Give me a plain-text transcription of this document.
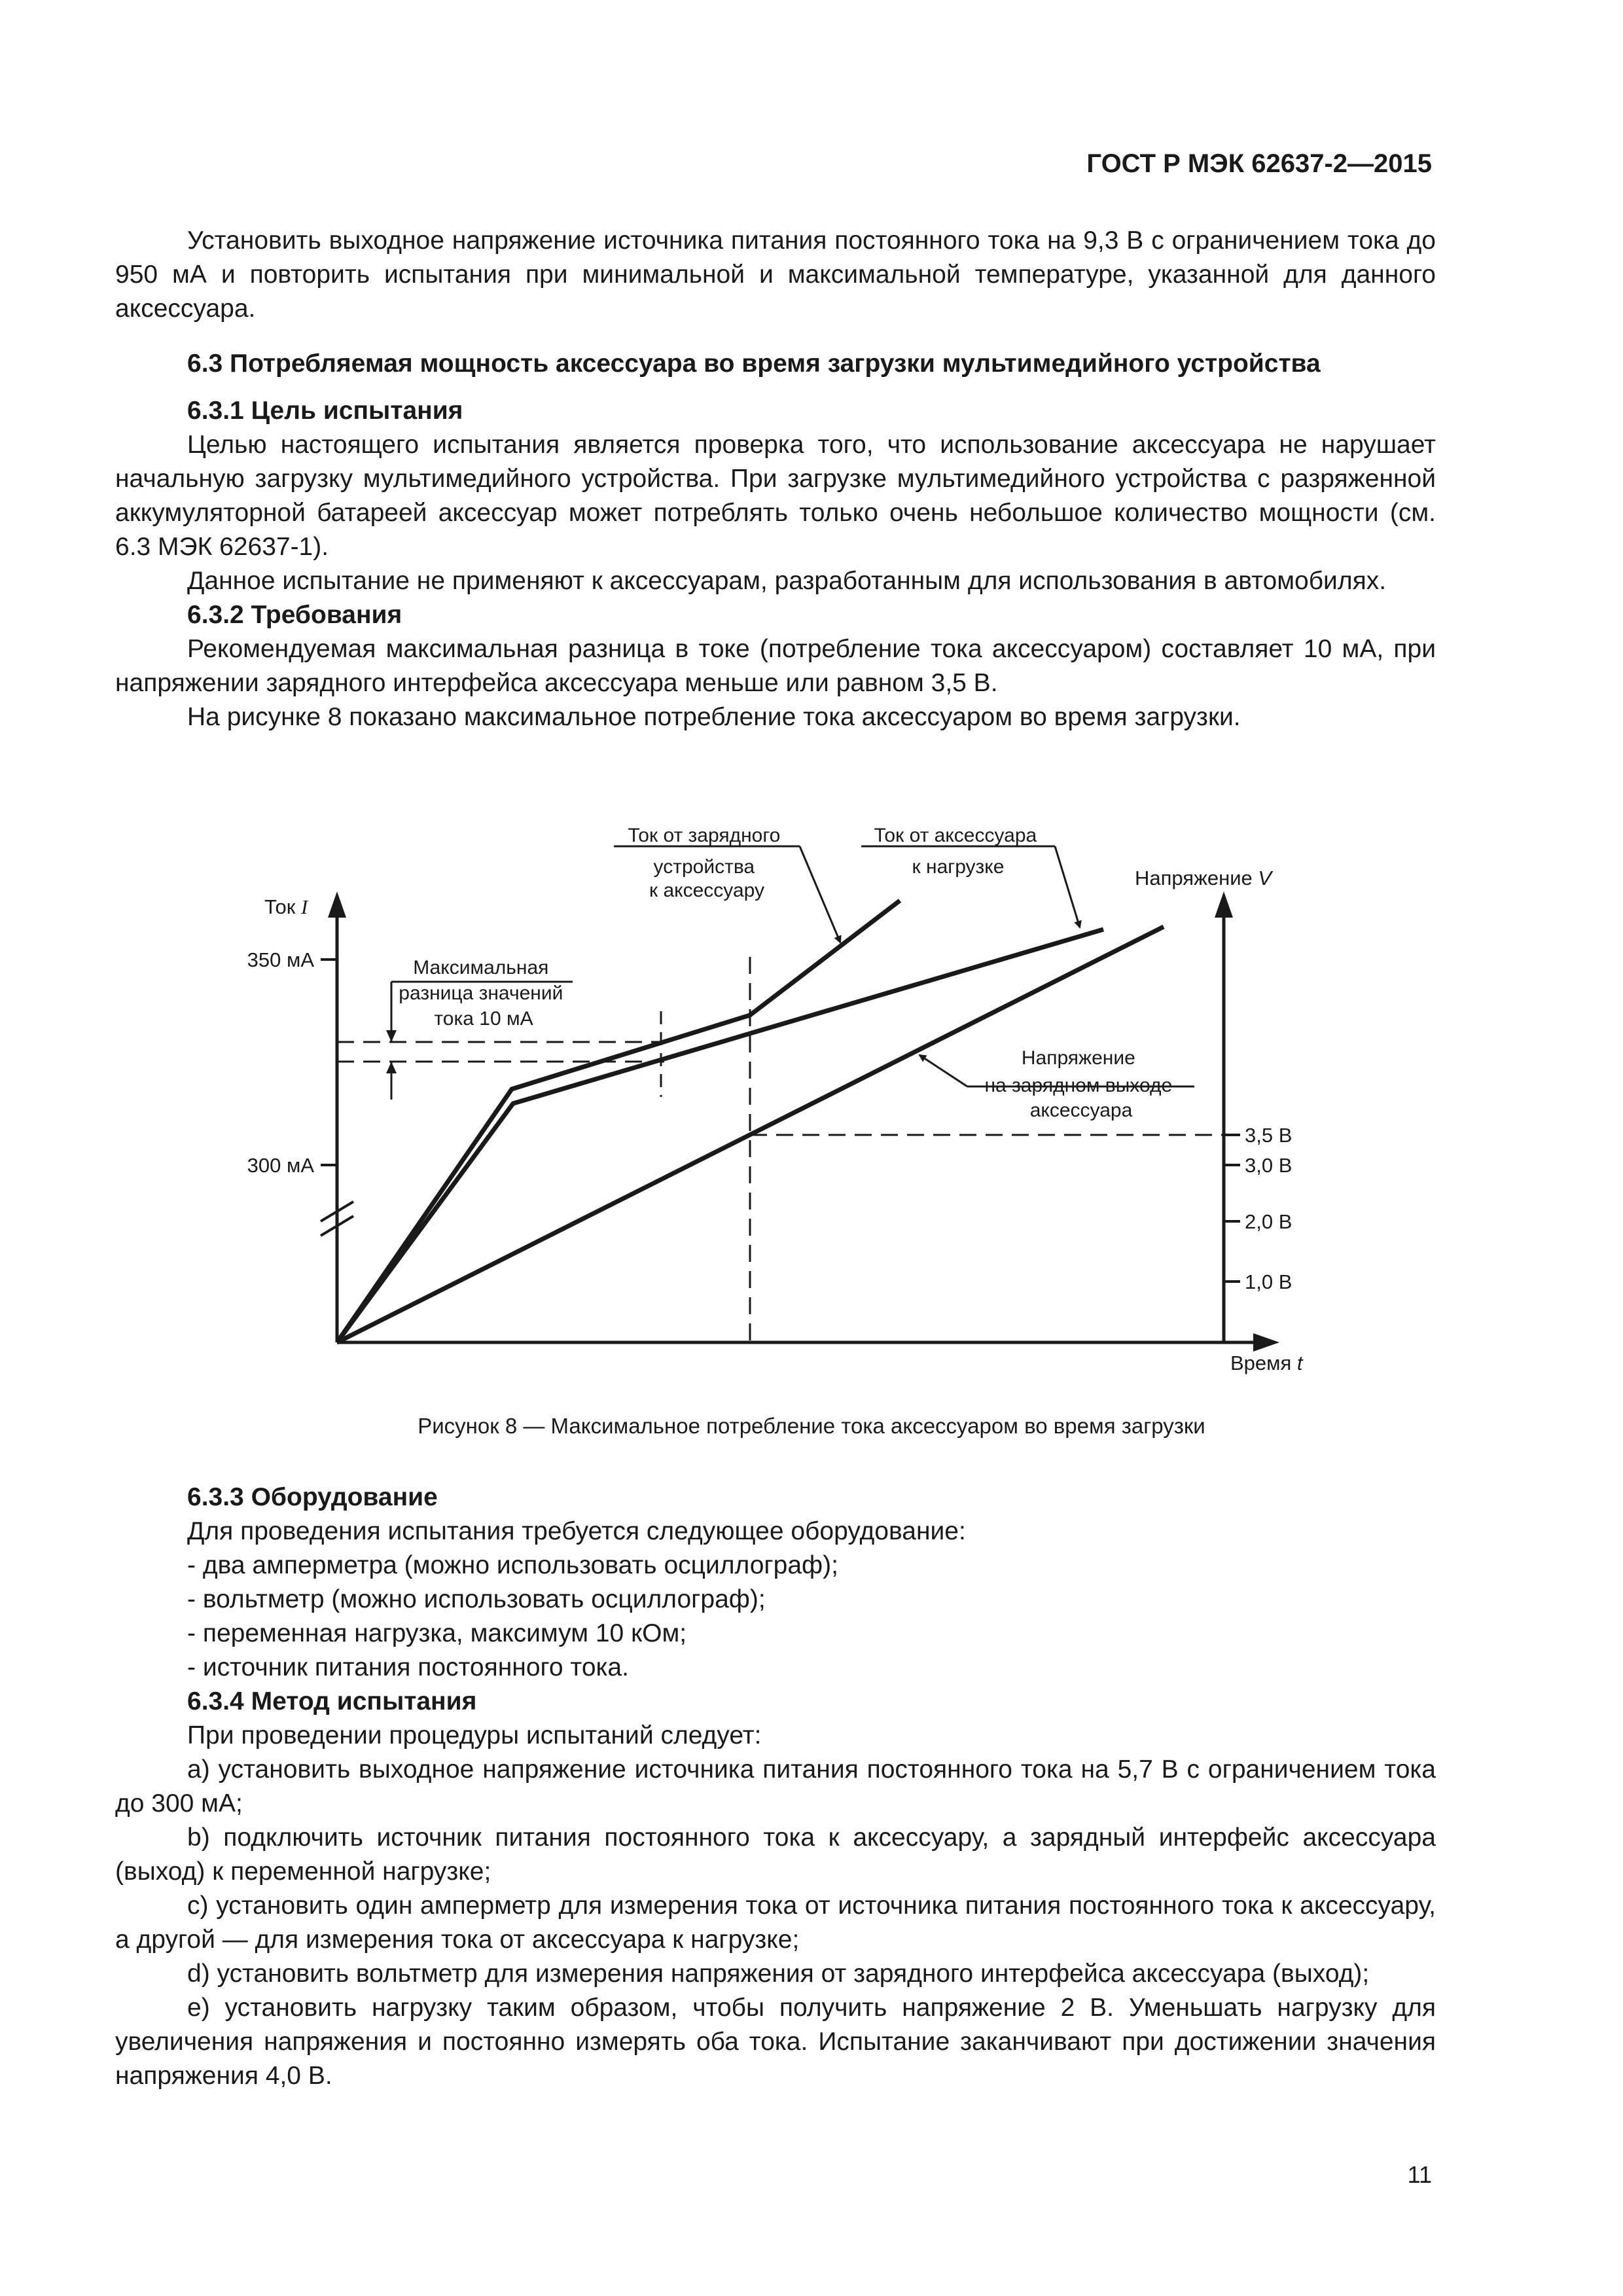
ГОСТ Р МЭК 62637-2—2015

Установить выходное напряжение источника питания постоянного тока на 9,3 В с ограничением тока до 950 мА и повторить испытания при минимальной и максимальной температуре, указанной для данного аксессуара.

6.3 Потребляемая мощность аксессуара во время загрузки мультимедийного устройства

6.3.1 Цель испытания

Целью настоящего испытания является проверка того, что использование аксессуара не нарушает начальную загрузку мультимедийного устройства. При загрузке мультимедийного устройства с разряженной аккумуляторной батареей аксессуар может потреблять только очень небольшое количество мощности (см. 6.3 МЭК 62637-1).

Данное испытание не применяют к аксессуарам, разработанным для использования в автомобилях.

6.3.2 Требования

Рекомендуемая максимальная разница в токе (потребление тока аксессуаром) составляет 10 мА, при напряжении зарядного интерфейса аксессуара меньше или равном 3,5 В.

На рисунке 8 показано максимальное потребление тока аксессуаром во время загрузки.

Ток I
Напряжение V
Время t
350 мА
300 мА
3,5 В
3,0 В
2,0 В
1,0 В
Ток от зарядного устройства к аксессуару
Ток от аксессуара к нагрузке
Максимальная разница значений тока 10 мА
Напряжение на зарядном выходе аксессуара
Рисунок 8 — Максимальное потребление тока аксессуаром во время загрузки

6.3.3 Оборудование

Для проведения испытания требуется следующее оборудование:

- два амперметра (можно использовать осциллограф);

- вольтметр (можно использовать осциллограф);

- переменная нагрузка, максимум 10 кОм;

- источник питания постоянного тока.

6.3.4 Метод испытания

При проведении процедуры испытаний следует:

a) установить выходное напряжение источника питания постоянного тока на 5,7 В с ограничением тока до 300 мА;

b) подключить источник питания постоянного тока к аксессуару, а зарядный интерфейс аксессуара (выход) к переменной нагрузке;

c) установить один амперметр для измерения тока от источника питания постоянного тока к аксессуару, а другой — для измерения тока от аксессуара к нагрузке;

d) установить вольтметр для измерения напряжения от зарядного интерфейса аксессуара (выход);

e) установить нагрузку таким образом, чтобы получить напряжение 2 В. Уменьшать нагрузку для увеличения напряжения и постоянно измерять оба тока. Испытание заканчивают при достижении значения напряжения 4,0 В.

11
